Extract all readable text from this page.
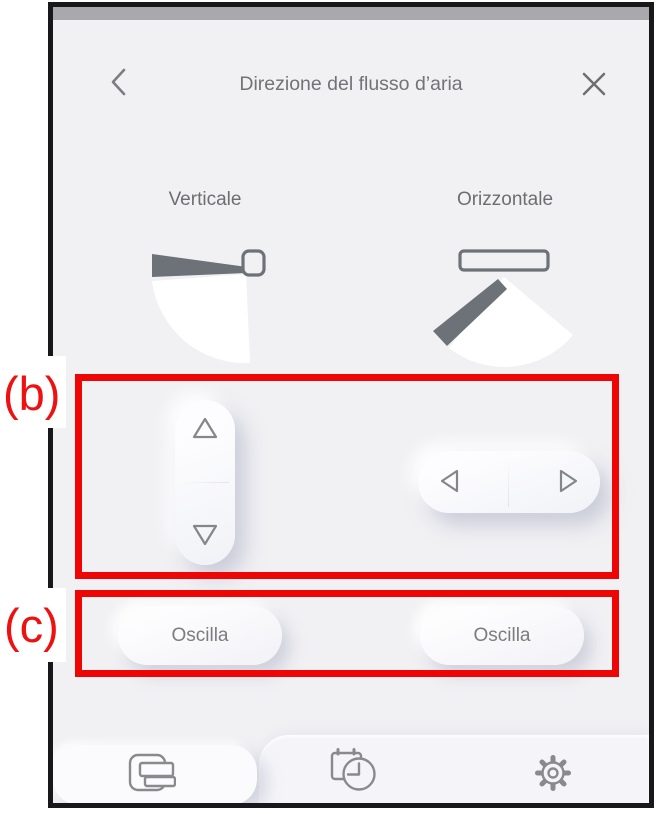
Direzione del flusso d’aria
Verticale	Orizzontale
Oscilla	Oscilla
(b)
(c)
